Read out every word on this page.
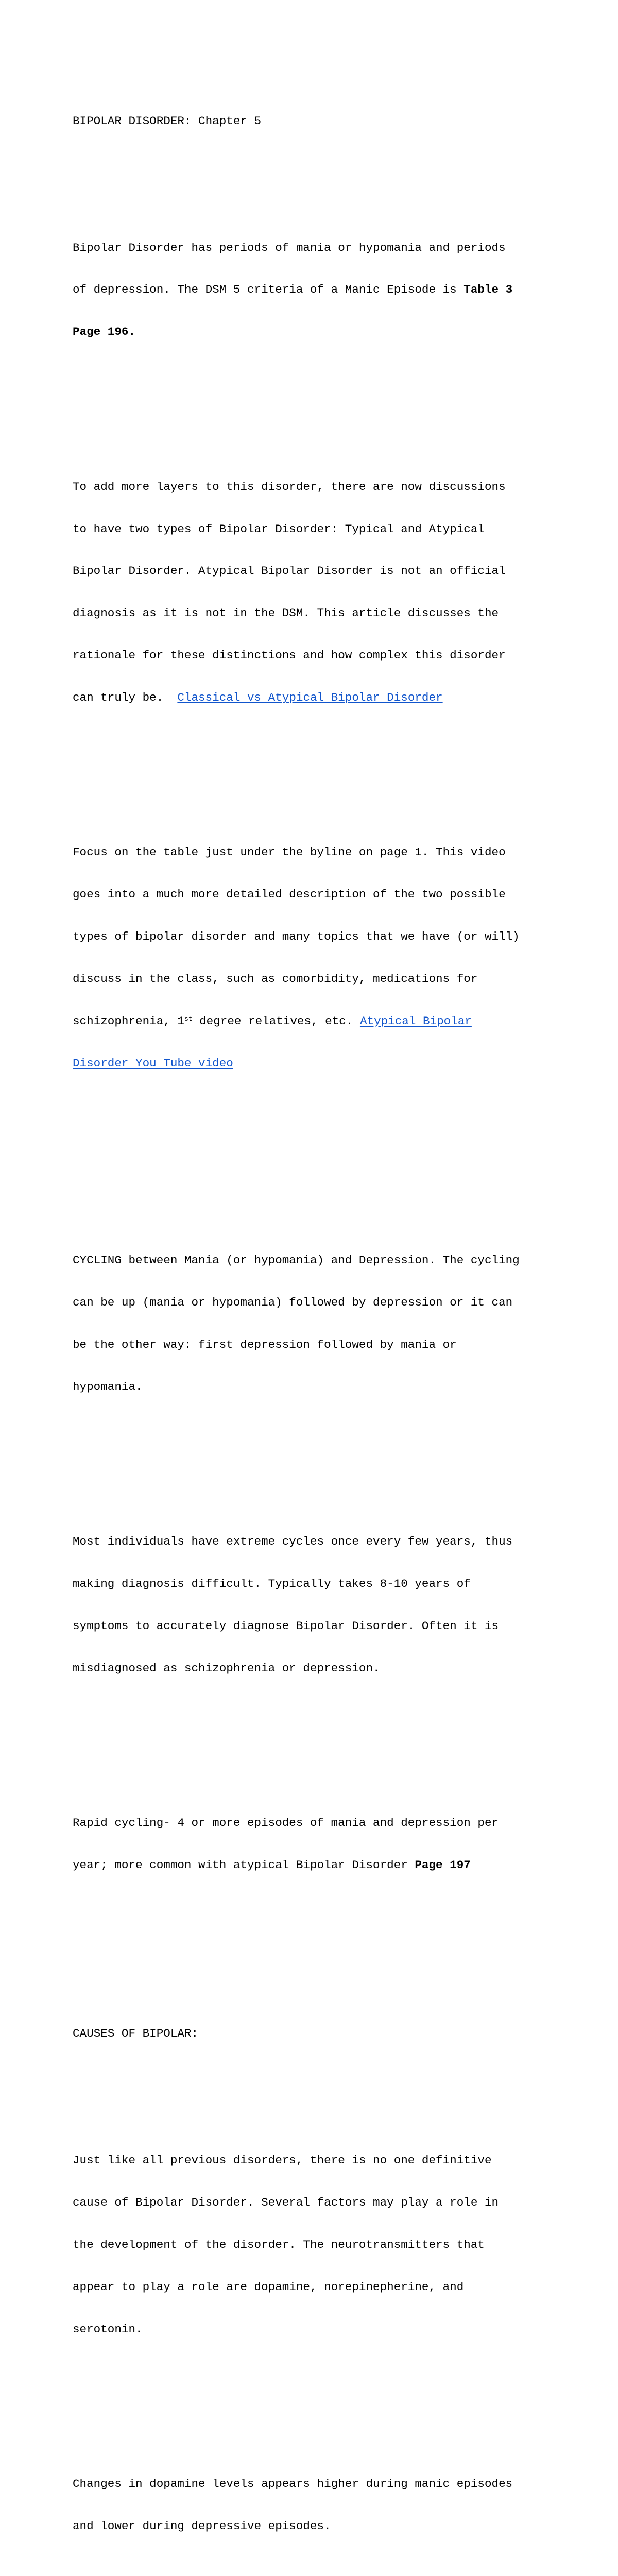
BIPOLAR DISORDER: Chapter 5

Bipolar Disorder has periods of mania or hypomania and periods

of depression. The DSM 5 criteria of a Manic Episode is Table 3

Page 196.

To add more layers to this disorder, there are now discussions

to have two types of Bipolar Disorder: Typical and Atypical

Bipolar Disorder. Atypical Bipolar Disorder is not an official

diagnosis as it is not in the DSM. This article discusses the

rationale for these distinctions and how complex this disorder

can truly be.  Classical vs Atypical Bipolar Disorder

Focus on the table just under the byline on page 1. This video

goes into a much more detailed description of the two possible

types of bipolar disorder and many topics that we have (or will)

discuss in the class, such as comorbidity, medications for

schizophrenia, 1st degree relatives, etc. Atypical Bipolar

Disorder You Tube video

CYCLING between Mania (or hypomania) and Depression. The cycling

can be up (mania or hypomania) followed by depression or it can

be the other way: first depression followed by mania or

hypomania.

Most individuals have extreme cycles once every few years, thus

making diagnosis difficult. Typically takes 8-10 years of

symptoms to accurately diagnose Bipolar Disorder. Often it is

misdiagnosed as schizophrenia or depression.

Rapid cycling- 4 or more episodes of mania and depression per

year; more common with atypical Bipolar Disorder Page 197

CAUSES OF BIPOLAR:

Just like all previous disorders, there is no one definitive

cause of Bipolar Disorder. Several factors may play a role in

the development of the disorder. The neurotransmitters that

appear to play a role are dopamine, norepinepherine, and

serotonin.

Changes in dopamine levels appears higher during manic episodes

and lower during depressive episodes.
